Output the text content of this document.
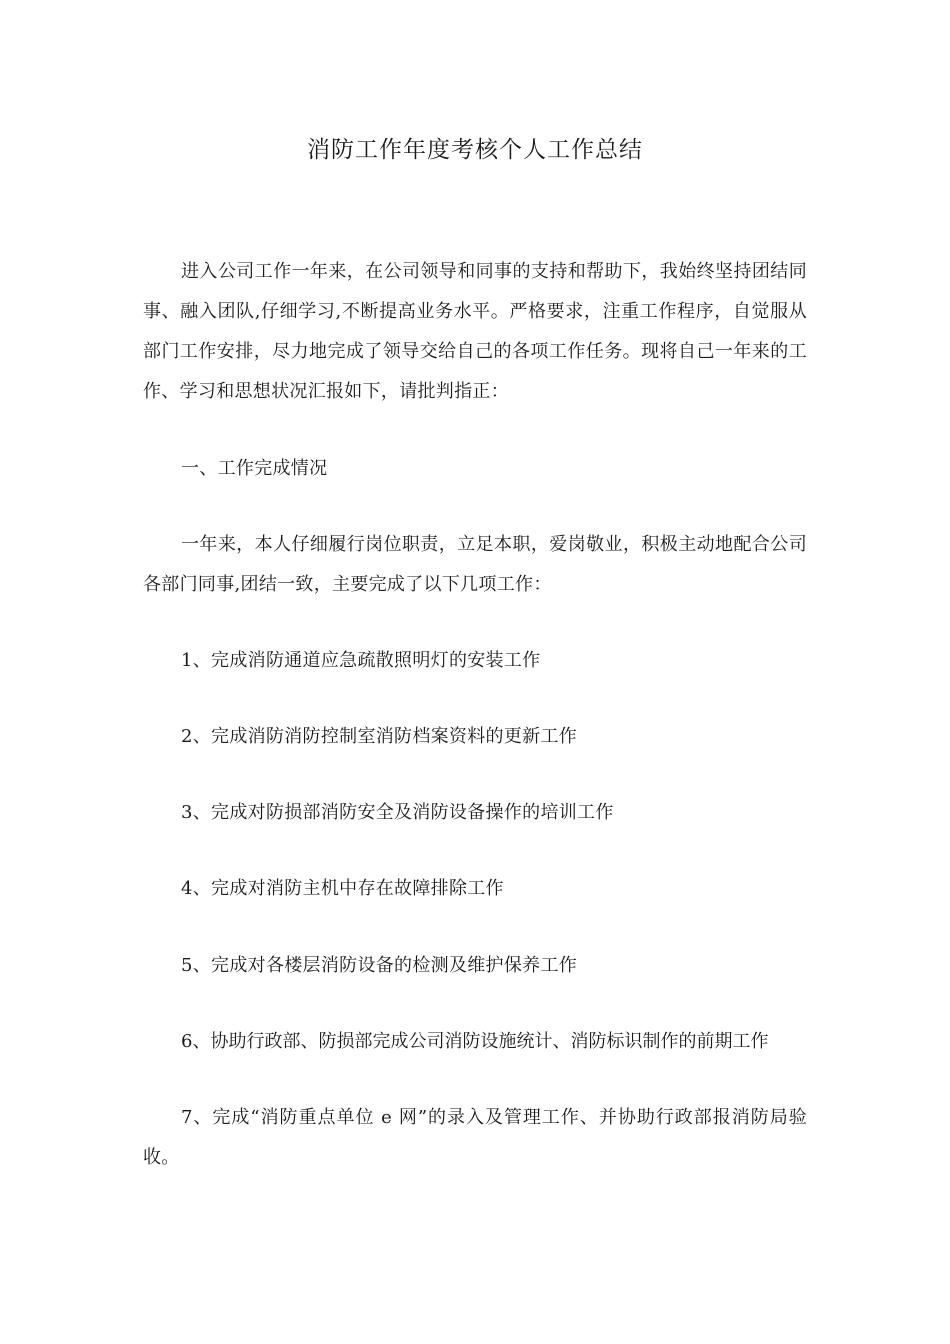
消防工作年度考核个人工作总结

进入公司工作一年来，在公司领导和同事的支持和帮助下，我始终坚持团结同事、融入团队,仔细学习,不断提高业务水平。严格要求，注重工作程序，自觉服从部门工作安排，尽力地完成了领导交给自己的各项工作任务。现将自己一年来的工作、学习和思想状况汇报如下，请批判指正：

一、工作完成情况

一年来，本人仔细履行岗位职责，立足本职，爱岗敬业，积极主动地配合公司各部门同事,团结一致，主要完成了以下几项工作：

1、完成消防通道应急疏散照明灯的安装工作

2、完成消防消防控制室消防档案资料的更新工作

3、完成对防损部消防安全及消防设备操作的培训工作

4、完成对消防主机中存在故障排除工作

5、完成对各楼层消防设备的检测及维护保养工作

6、协助行政部、防损部完成公司消防设施统计、消防标识制作的前期工作

7、完成“消防重点单位 e 网”的录入及管理工作、并协助行政部报消防局验收。
